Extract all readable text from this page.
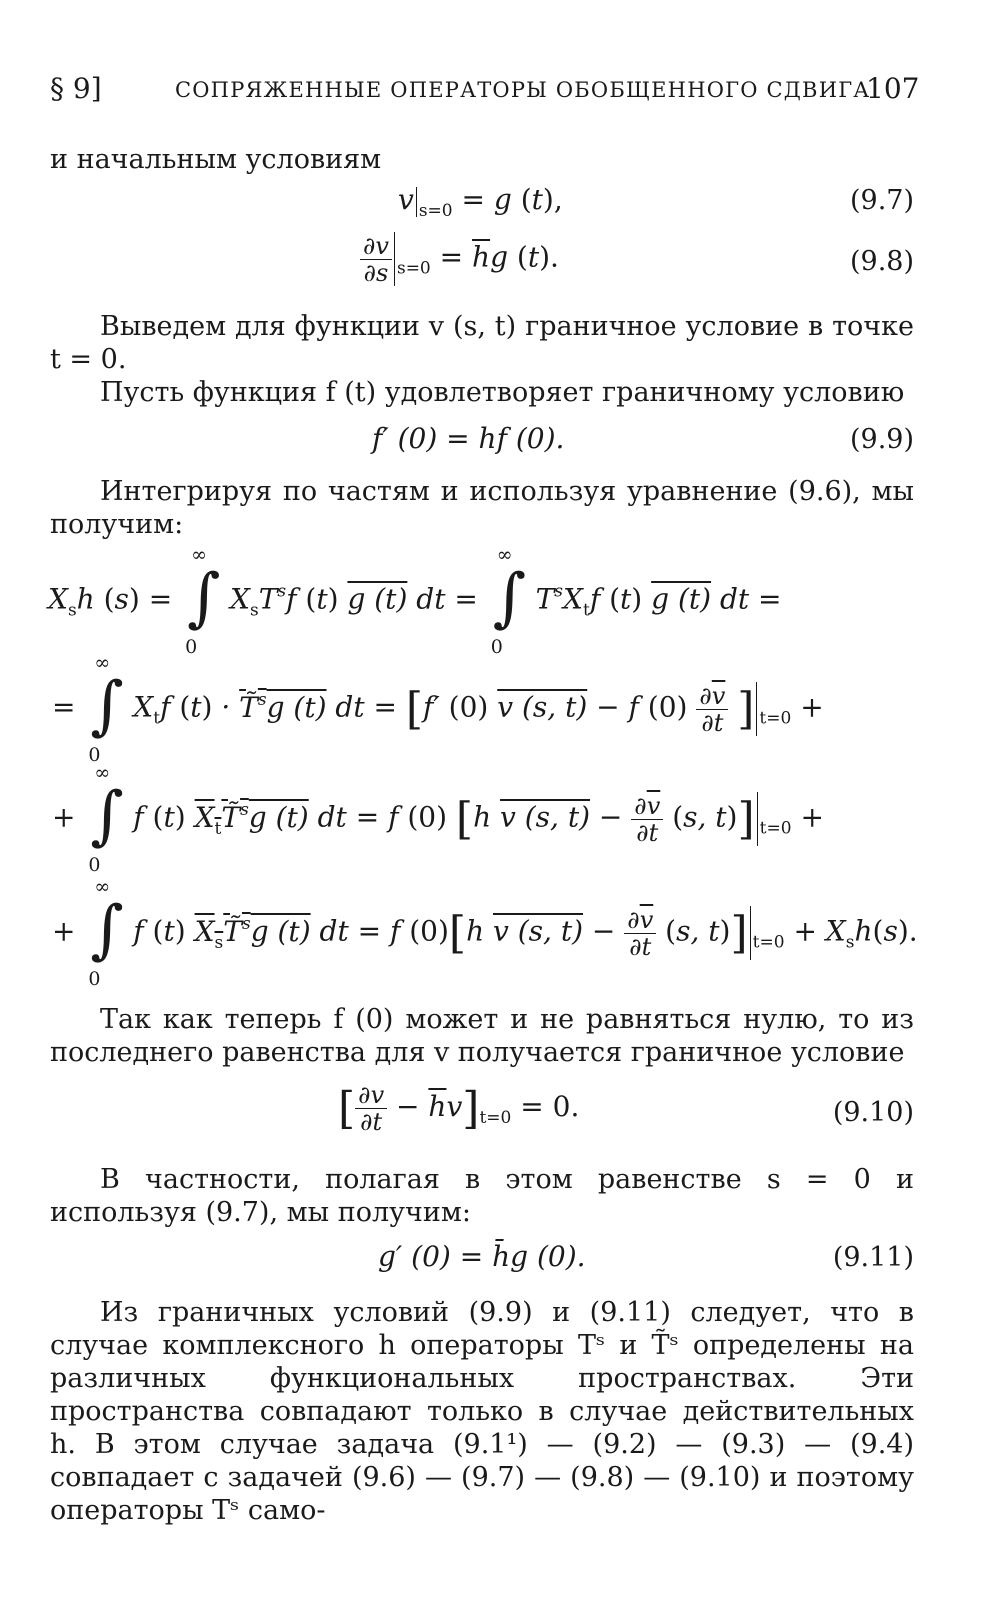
§ 9]	СОПРЯЖЕННЫЕ ОПЕРАТОРЫ ОБОБЩЕННОГО СДВИГА
107
и начальным условиям
v $_{s=0}$ = g (t),	(9.7)
$\frac{\partial v}{\partial s} _{s=0} = \overline{h}g$ (t).	(9.8)
Выведем для функции v (s, t) граничное условие в точке t = 0.
Пусть функция f (t) удовлетворяет граничному условию
f′ (0) = hf (0).	(9.9)
Интегрируя по частям и используя уравнение (9.6), мы получим:
$X_sh$ (s) =
∞
∫
0
$X_sT^sf$ (t) g (t) dt =
∞
∫
0
$T^sX_tf$ (t) g (t) dt =
=
∞
∫
0
$X_tf$ (t) · T̃$^s$g (t) dt = [f′ (0) v (s, t) − f $(0) \frac{\partial\overline{v}}{\partial t}$ ] $_{t=0}$ +
+
∞
∫
0
f (t) $X_tT̃^sg$ (t) dt = f (0) [h v (s, $t) - \frac{\partial\overline{v}}{\partial t} (s$, t)] $_{t=0}$ +
+
∞
∫
0
f (t) $X_sT̃^sg$ (t) dt = f (0)[h v (s, $t) - \frac{\partial\overline{v}}{\partial t} (s$, t)] $_{t=0} + X_sh(s)$.
Так как теперь f (0) может и не равняться нулю, то из последнего равенства для v получается граничное условие
[ $\frac{\partial v}{\partial t} - \overline{h}v]_{t=0} = 0$.	(9.10)
В частности, полагая в этом равенстве s = 0 и используя (9.7), мы получим:
g′ (0) = h̄g (0).	(9.11)
Из граничных условий (9.9) и (9.11) следует, что в случае комплексного h операторы Tˢ и T̃ˢ определены на различных функциональных пространствах. Эти пространства совпадают только в случае действительных h. В этом случае задача (9.1¹) — (9.2) — (9.3) — (9.4) совпадает с задачей (9.6) — (9.7) — (9.8) — (9.10) и поэтому операторы Tˢ само-
